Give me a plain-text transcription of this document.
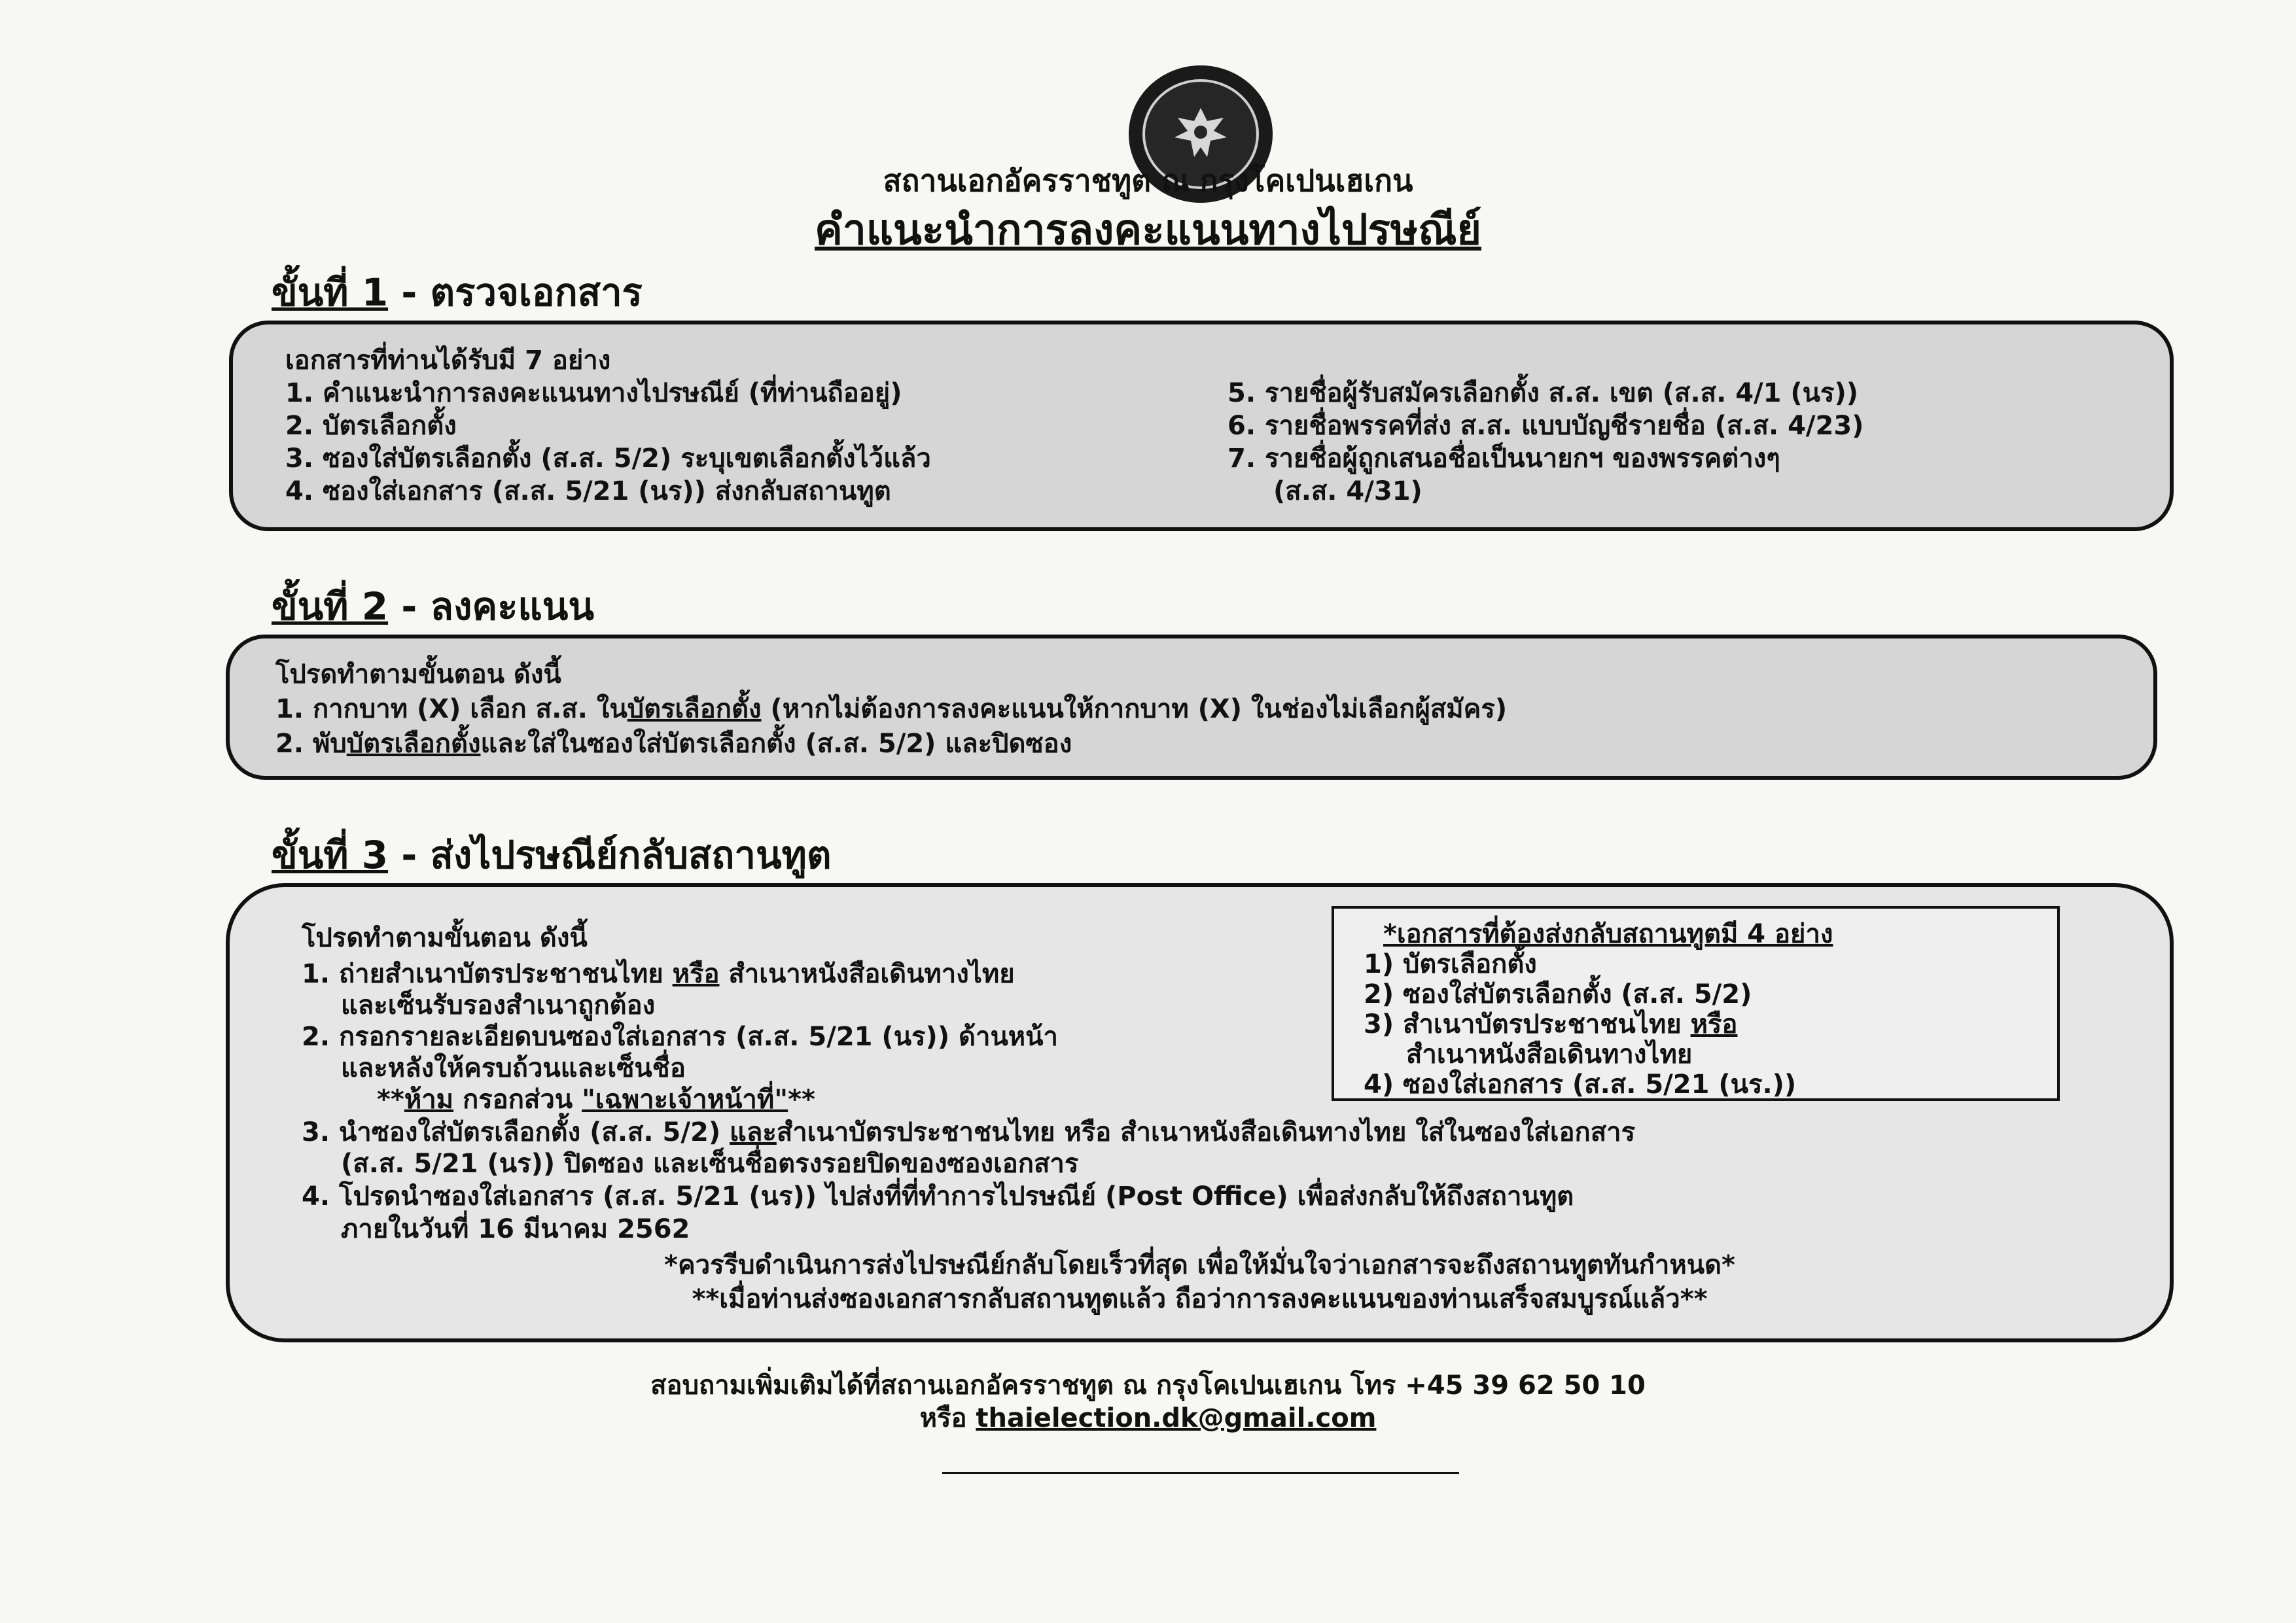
สถานเอกอัครราชทูต ณ กรุงโคเปนเฮเกน
คำแนะนำการลงคะแนนทางไปรษณีย์
ขั้นที่ 1 - ตรวจเอกสาร
เอกสารที่ท่านได้รับมี 7 อย่าง
1. คำแนะนำการลงคะแนนทางไปรษณีย์ (ที่ท่านถืออยู่)
2. บัตรเลือกตั้ง
3. ซองใส่บัตรเลือกตั้ง (ส.ส. 5/2) ระบุเขตเลือกตั้งไว้แล้ว
4. ซองใส่เอกสาร (ส.ส. 5/21 (นร)) ส่งกลับสถานทูต
5. รายชื่อผู้รับสมัครเลือกตั้ง ส.ส. เขต (ส.ส. 4/1 (นร))
6. รายชื่อพรรคที่ส่ง ส.ส. แบบบัญชีรายชื่อ (ส.ส. 4/23)
7. รายชื่อผู้ถูกเสนอชื่อเป็นนายกฯ ของพรรคต่างๆ
(ส.ส. 4/31)
ขั้นที่ 2 - ลงคะแนน
โปรดทำตามขั้นตอน ดังนี้
1. กากบาท (X) เลือก ส.ส. ในบัตรเลือกตั้ง (หากไม่ต้องการลงคะแนนให้กากบาท (X) ในช่องไม่เลือกผู้สมัคร)
2. พับบัตรเลือกตั้งและใส่ในซองใส่บัตรเลือกตั้ง (ส.ส. 5/2) และปิดซอง
ขั้นที่ 3 - ส่งไปรษณีย์กลับสถานทูต
โปรดทำตามขั้นตอน ดังนี้
1. ถ่ายสำเนาบัตรประชาชนไทย หรือ สำเนาหนังสือเดินทางไทย
และเซ็นรับรองสำเนาถูกต้อง
2. กรอกรายละเอียดบนซองใส่เอกสาร (ส.ส. 5/21 (นร)) ด้านหน้า
และหลังให้ครบถ้วนและเซ็นชื่อ
**ห้าม กรอกส่วน "เฉพาะเจ้าหน้าที่"**
3. นำซองใส่บัตรเลือกตั้ง (ส.ส. 5/2) และสำเนาบัตรประชาชนไทย หรือ สำเนาหนังสือเดินทางไทย ใส่ในซองใส่เอกสาร
(ส.ส. 5/21 (นร)) ปิดซอง และเซ็นชื่อตรงรอยปิดของซองเอกสาร
4. โปรดนำซองใส่เอกสาร (ส.ส. 5/21 (นร)) ไปส่งที่ที่ทำการไปรษณีย์ (Post Office) เพื่อส่งกลับให้ถึงสถานทูต
ภายในวันที่ 16 มีนาคม 2562
*ควรรีบดำเนินการส่งไปรษณีย์กลับโดยเร็วที่สุด เพื่อให้มั่นใจว่าเอกสารจะถึงสถานทูตทันกำหนด*
**เมื่อท่านส่งซองเอกสารกลับสถานทูตแล้ว ถือว่าการลงคะแนนของท่านเสร็จสมบูรณ์แล้ว**
*เอกสารที่ต้องส่งกลับสถานทูตมี 4 อย่าง
1) บัตรเลือกตั้ง
2) ซองใส่บัตรเลือกตั้ง (ส.ส. 5/2)
3) สำเนาบัตรประชาชนไทย หรือ
สำเนาหนังสือเดินทางไทย
4) ซองใส่เอกสาร (ส.ส. 5/21 (นร.))
สอบถามเพิ่มเติมได้ที่สถานเอกอัครราชทูต ณ กรุงโคเปนเฮเกน โทร +45 39 62 50 10
หรือ thaielection.dk@gmail.com
